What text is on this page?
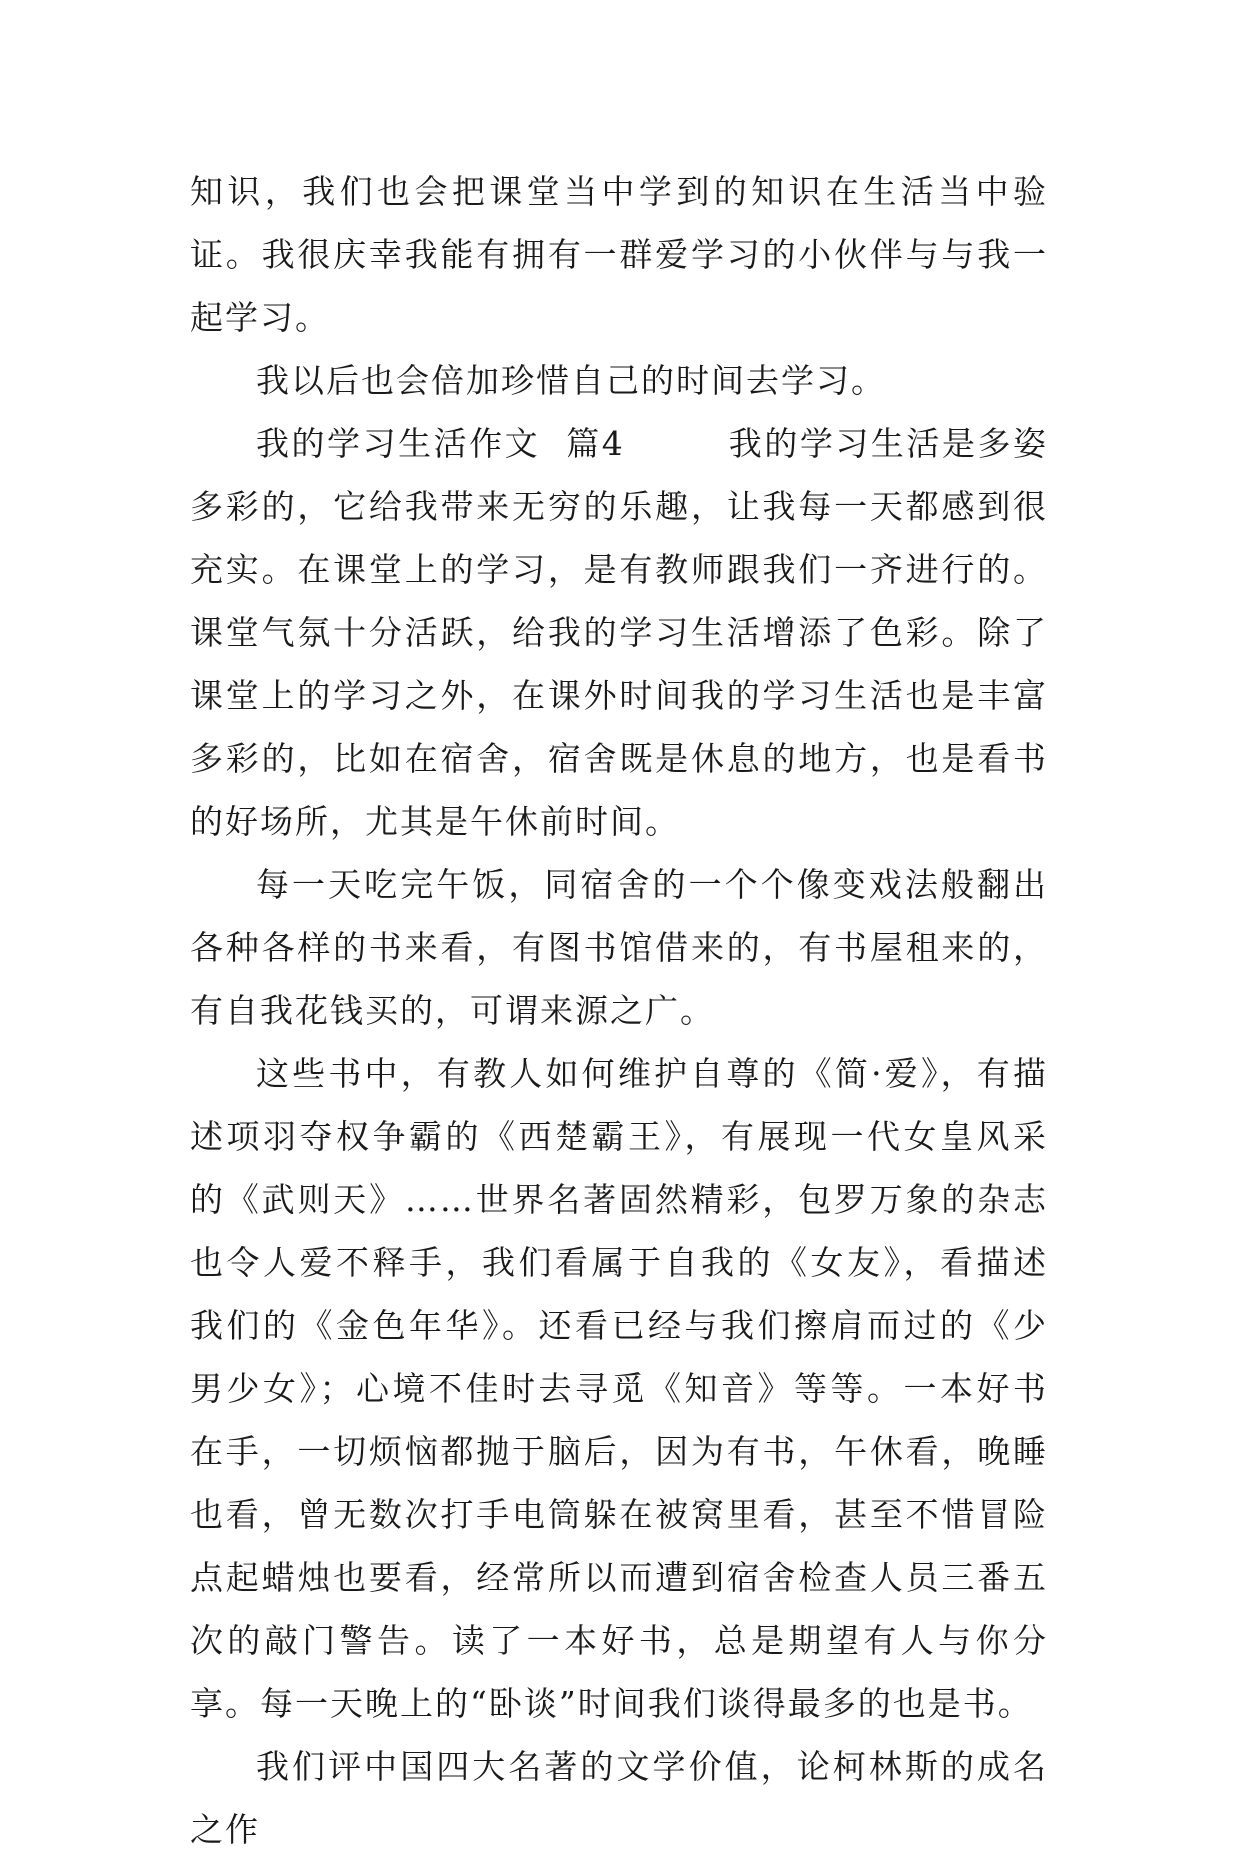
知识，我们也会把课堂当中学到的知识在生活当中验证。我很庆幸我能有拥有一群爱学习的小伙伴与与我一起学习。

我以后也会倍加珍惜自己的时间去学习。

我的学习生活作文  篇4        我的学习生活是多姿多彩的，它给我带来无穷的乐趣，让我每一天都感到很充实。在课堂上的学习，是有教师跟我们一齐进行的。课堂气氛十分活跃，给我的学习生活增添了色彩。除了课堂上的学习之外，在课外时间我的学习生活也是丰富多彩的，比如在宿舍，宿舍既是休息的地方，也是看书的好场所，尤其是午休前时间。

每一天吃完午饭，同宿舍的一个个像变戏法般翻出各种各样的书来看，有图书馆借来的，有书屋租来的，有自我花钱买的，可谓来源之广。

这些书中，有教人如何维护自尊的《简·爱》，有描述项羽夺权争霸的《西楚霸王》，有展现一代女皇风采的《武则天》……世界名著固然精彩，包罗万象的杂志也令人爱不释手，我们看属于自我的《女友》，看描述我们的《金色年华》。还看已经与我们擦肩而过的《少男少女》；心境不佳时去寻觅《知音》等等。一本好书在手，一切烦恼都抛于脑后，因为有书，午休看，晚睡也看，曾无数次打手电筒躲在被窝里看，甚至不惜冒险点起蜡烛也要看，经常所以而遭到宿舍检查人员三番五次的敲门警告。读了一本好书，总是期望有人与你分享。每一天晚上的“卧谈”时间我们谈得最多的也是书。

我们评中国四大名著的文学价值，论柯林斯的成名之作
